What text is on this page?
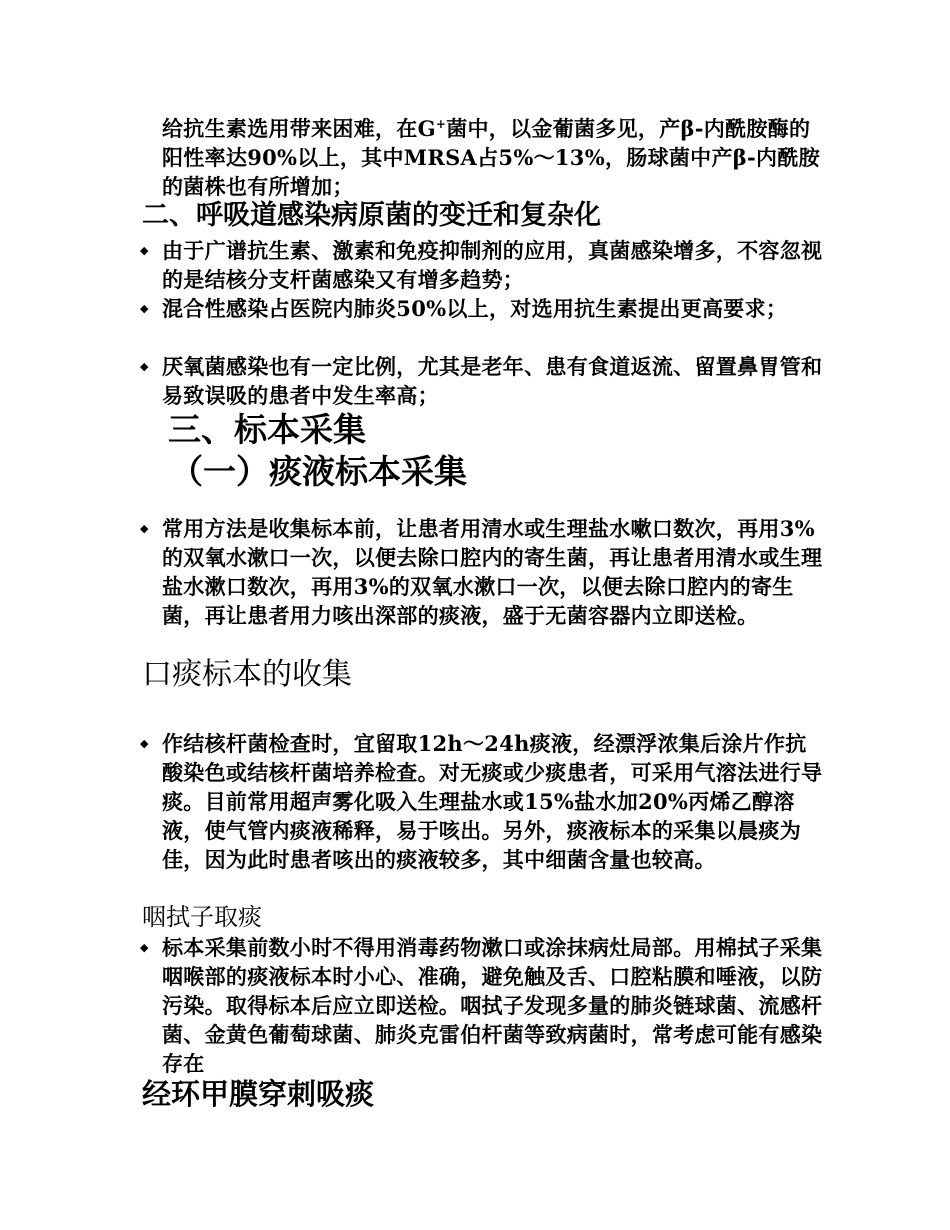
给抗生素选用带来困难，在G+菌中，以金葡菌多见，产β-内酰胺酶的阳性率达90%以上，其中MRSA占5%～13%，肠球菌中产β-内酰胺的菌株也有所增加；
二、呼吸道感染病原菌的变迁和复杂化
◆ 由于广谱抗生素、激素和免疫抑制剂的应用，真菌感染增多，不容忽视的是结核分支杆菌感染又有增多趋势；
◆ 混合性感染占医院内肺炎50%以上，对选用抗生素提出更高要求；
◆ 厌氧菌感染也有一定比例，尤其是老年、患有食道返流、留置鼻胃管和易致误吸的患者中发生率高；
三、标本采集
（一）痰液标本采集
◆ 常用方法是收集标本前，让患者用清水或生理盐水嗽口数次，再用3%的双氧水漱口一次，以便去除口腔内的寄生菌，再让患者用清水或生理盐水漱口数次，再用3%的双氧水漱口一次，以便去除口腔内的寄生菌，再让患者用力咳出深部的痰液，盛于无菌容器内立即送检。
口痰标本的收集
◆ 作结核杆菌检查时，宜留取12h～24h痰液，经漂浮浓集后涂片作抗酸染色或结核杆菌培养检查。对无痰或少痰患者，可采用气溶法进行导痰。目前常用超声雾化吸入生理盐水或15%盐水加20%丙烯乙醇溶液，使气管内痰液稀释，易于咳出。另外，痰液标本的采集以晨痰为佳，因为此时患者咳出的痰液较多，其中细菌含量也较高。
咽拭子取痰
◆ 标本采集前数小时不得用消毒药物漱口或涂抹病灶局部。用棉拭子采集咽喉部的痰液标本时小心、准确，避免触及舌、口腔粘膜和唾液，以防污染。取得标本后应立即送检。咽拭子发现多量的肺炎链球菌、流感杆菌、金黄色葡萄球菌、肺炎克雷伯杆菌等致病菌时，常考虑可能有感染存在
经环甲膜穿刺吸痰
